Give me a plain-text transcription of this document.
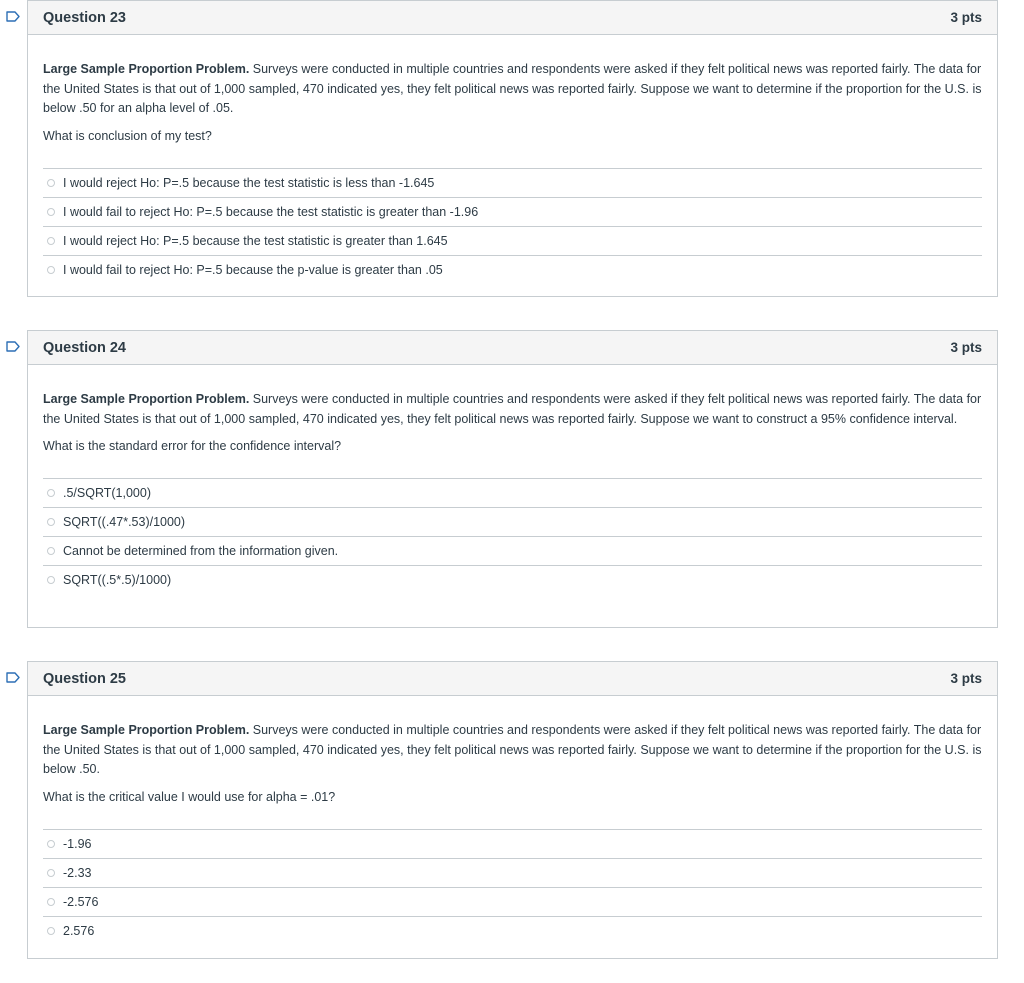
Question 23	3 pts

Large Sample Proportion Problem. Surveys were conducted in multiple countries and respondents were asked if they felt political news was reported fairly. The data for the United States is that out of 1,000 sampled, 470 indicated yes, they felt political news was reported fairly. Suppose we want to determine if the proportion for the U.S. is below .50 for an alpha level of .05.

What is conclusion of my test?

I would reject Ho: P=.5 because the test statistic is less than -1.645
I would fail to reject Ho: P=.5 because the test statistic is greater than -1.96
I would reject Ho: P=.5 because the test statistic is greater than 1.645
I would fail to reject Ho: P=.5 because the p-value is greater than .05
Question 24	3 pts

Large Sample Proportion Problem. Surveys were conducted in multiple countries and respondents were asked if they felt political news was reported fairly. The data for the United States is that out of 1,000 sampled, 470 indicated yes, they felt political news was reported fairly. Suppose we want to construct a 95% confidence interval.

What is the standard error for the confidence interval?

.5/SQRT(1,000)
SQRT((.47*.53)/1000)
Cannot be determined from the information given.
SQRT((.5*.5)/1000)
Question 25	3 pts

Large Sample Proportion Problem. Surveys were conducted in multiple countries and respondents were asked if they felt political news was reported fairly. The data for the United States is that out of 1,000 sampled, 470 indicated yes, they felt political news was reported fairly. Suppose we want to determine if the proportion for the U.S. is below .50.

What is the critical value I would use for alpha = .01?

-1.96
-2.33
-2.576
2.576
